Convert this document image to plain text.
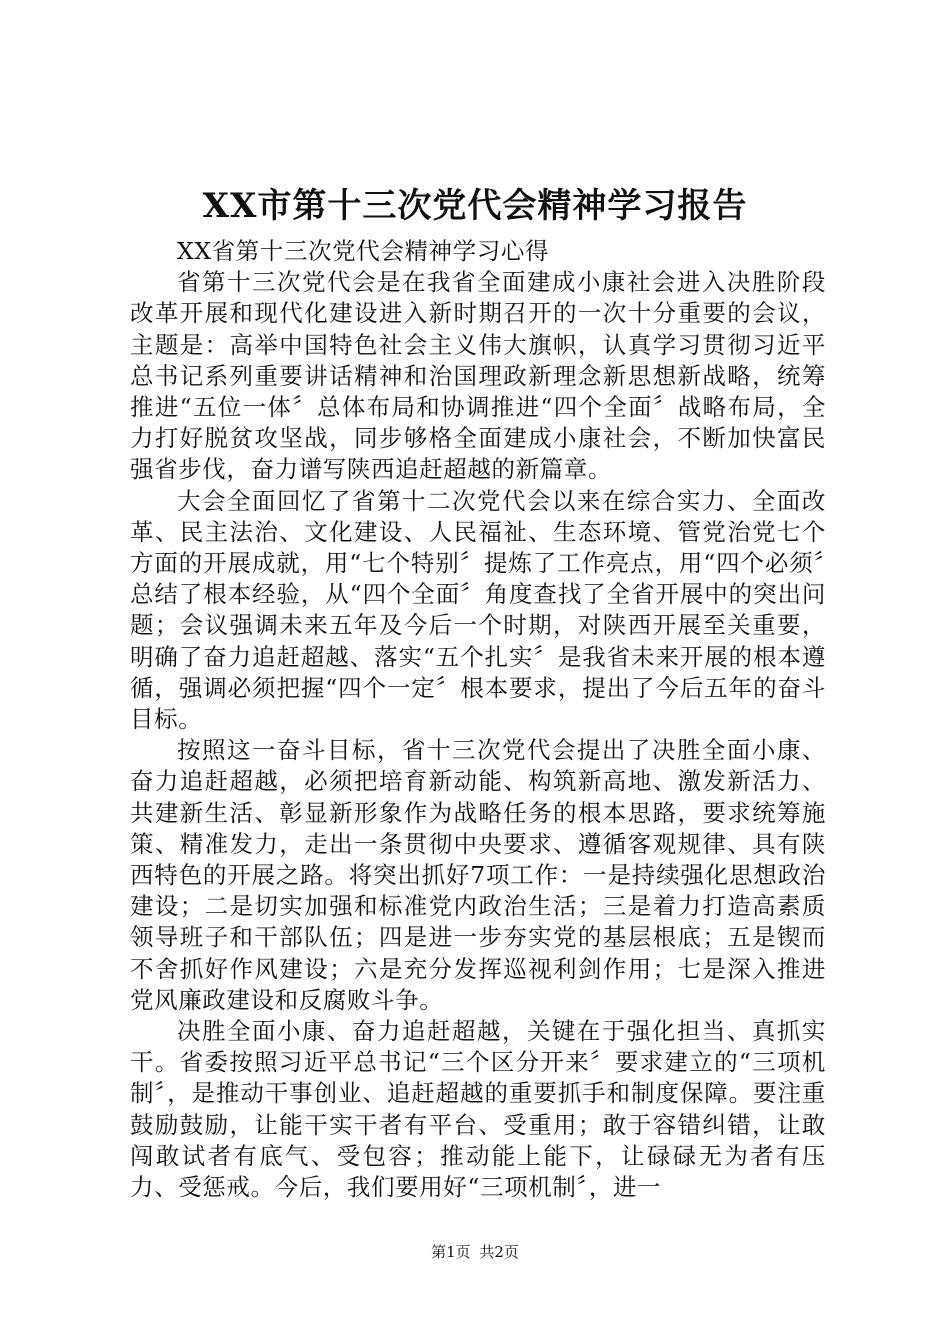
XX市第十三次党代会精神学习报告

XX省第十三次党代会精神学习心得

省第十三次党代会是在我省全面建成小康社会进入决胜阶段改革开展和现代化建设进入新时期召开的一次十分重要的会议，主题是：高举中国特色社会主义伟大旗帜，认真学习贯彻习近平总书记系列重要讲话精神和治国理政新理念新思想新战略，统筹推进“五位一体〞总体布局和协调推进“四个全面〞战略布局，全力打好脱贫攻坚战，同步够格全面建成小康社会，不断加快富民强省步伐，奋力谱写陕西追赶超越的新篇章。

大会全面回忆了省第十二次党代会以来在综合实力、全面改革、民主法治、文化建设、人民福祉、生态环境、管党治党七个方面的开展成就，用“七个特别〞提炼了工作亮点，用“四个必须〞总结了根本经验，从“四个全面〞角度查找了全省开展中的突出问题；会议强调未来五年及今后一个时期，对陕西开展至关重要，明确了奋力追赶超越、落实“五个扎实〞是我省未来开展的根本遵循，强调必须把握“四个一定〞根本要求，提出了今后五年的奋斗目标。

按照这一奋斗目标，省十三次党代会提出了决胜全面小康、奋力追赶超越，必须把培育新动能、构筑新高地、激发新活力、共建新生活、彰显新形象作为战略任务的根本思路，要求统筹施策、精准发力，走出一条贯彻中央要求、遵循客观规律、具有陕西特色的开展之路。将突出抓好7项工作：一是持续强化思想政治建设；二是切实加强和标准党内政治生活；三是着力打造高素质领导班子和干部队伍；四是进一步夯实党的基层根底；五是锲而不舍抓好作风建设；六是充分发挥巡视利剑作用；七是深入推进党风廉政建设和反腐败斗争。

决胜全面小康、奋力追赶超越，关键在于强化担当、真抓实干。省委按照习近平总书记“三个区分开来〞要求建立的“三项机制〞，是推动干事创业、追赶超越的重要抓手和制度保障。要注重鼓励鼓励，让能干实干者有平台、受重用；敢于容错纠错，让敢闯敢试者有底气、受包容；推动能上能下，让碌碌无为者有压力、受惩戒。今后，我们要用好“三项机制〞，进一

第1页 共2页
